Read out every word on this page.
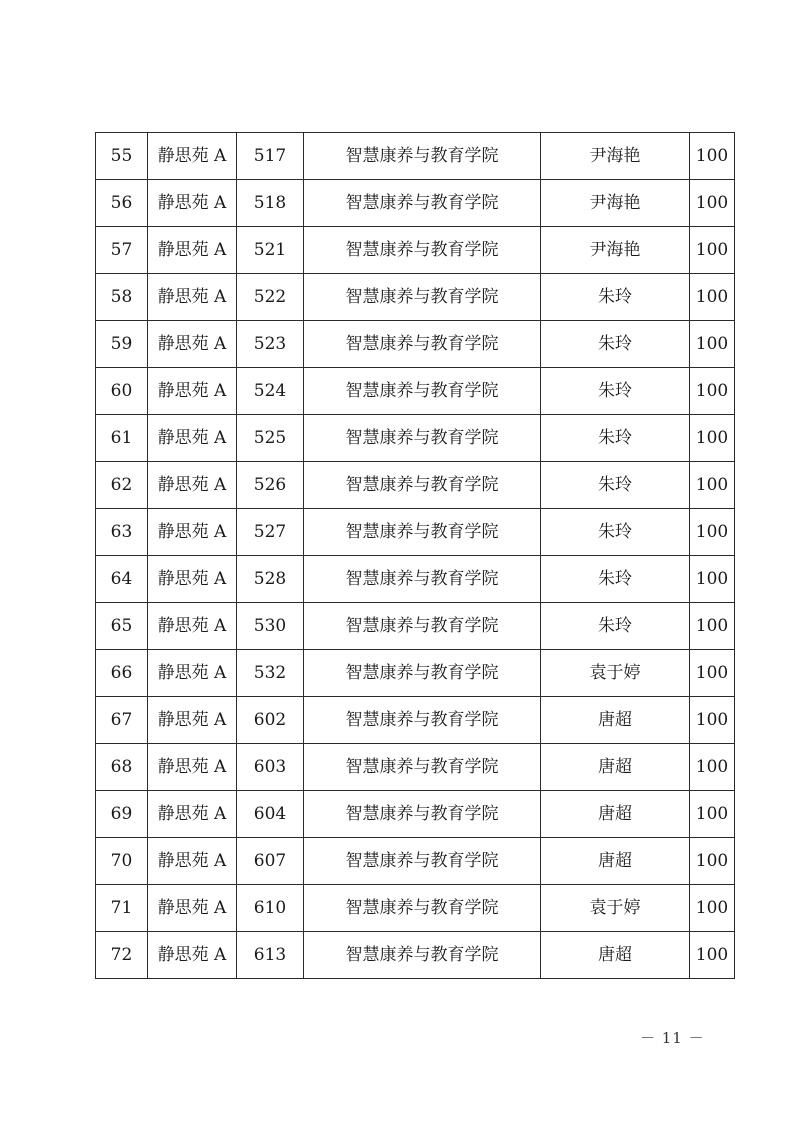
55	静思苑 A	517	智慧康养与教育学院	尹海艳	100
56	静思苑 A	518	智慧康养与教育学院	尹海艳	100
57	静思苑 A	521	智慧康养与教育学院	尹海艳	100
58	静思苑 A	522	智慧康养与教育学院	朱玲	100
59	静思苑 A	523	智慧康养与教育学院	朱玲	100
60	静思苑 A	524	智慧康养与教育学院	朱玲	100
61	静思苑 A	525	智慧康养与教育学院	朱玲	100
62	静思苑 A	526	智慧康养与教育学院	朱玲	100
63	静思苑 A	527	智慧康养与教育学院	朱玲	100
64	静思苑 A	528	智慧康养与教育学院	朱玲	100
65	静思苑 A	530	智慧康养与教育学院	朱玲	100
66	静思苑 A	532	智慧康养与教育学院	袁于婷	100
67	静思苑 A	602	智慧康养与教育学院	唐超	100
68	静思苑 A	603	智慧康养与教育学院	唐超	100
69	静思苑 A	604	智慧康养与教育学院	唐超	100
70	静思苑 A	607	智慧康养与教育学院	唐超	100
71	静思苑 A	610	智慧康养与教育学院	袁于婷	100
72	静思苑 A	613	智慧康养与教育学院	唐超	100
－ 11 －
